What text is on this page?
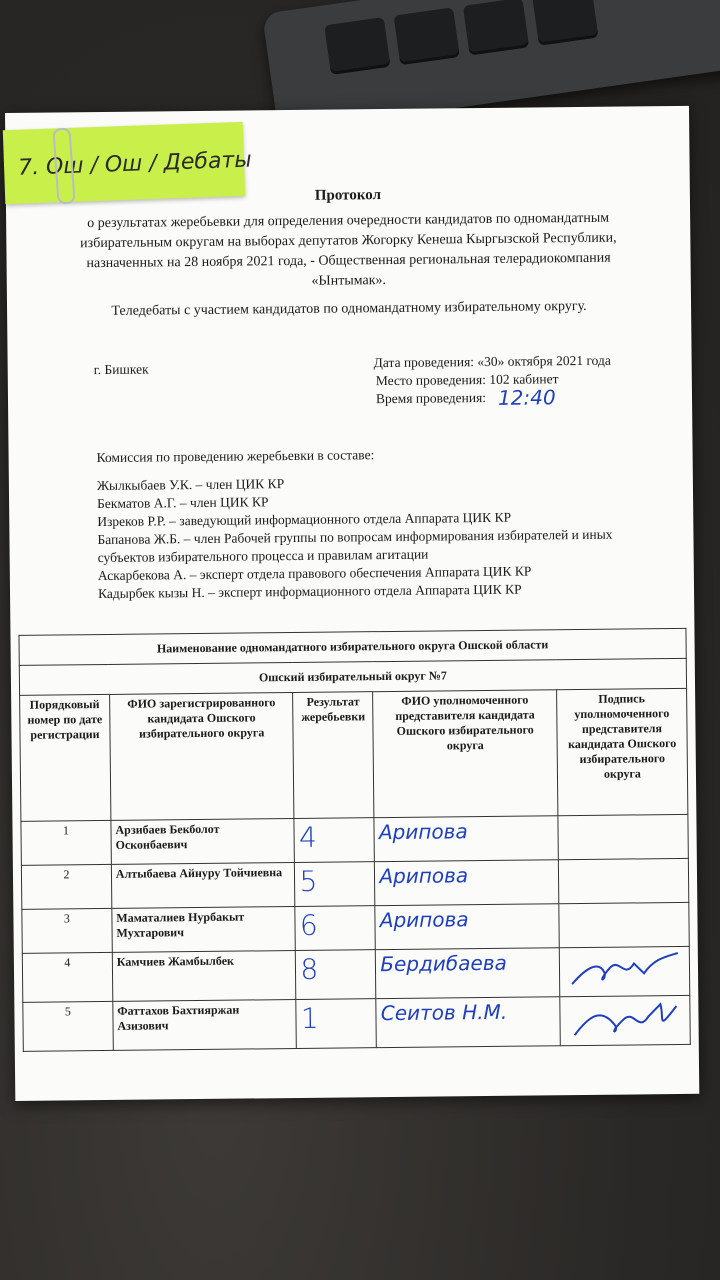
Протокол
о результатах жеребьевки для определения очередности кандидатов по одномандатным
избирательным округам на выборах депутатов Жогорку Кенеша Кыргызской Республики,
назначенных на 28 ноября 2021 года, - Общественная региональная телерадиокомпания
«Ынтымак».
Теледебаты с участием кандидатов по одномандатному избирательному округу.
г. Бишкек	Дата проведения: «30» октября 2021 года
Место проведения: 102 кабинет
Время проведения: 12:40
Комиссия по проведению жеребьевки в составе:
Жылкыбаев У.К. – член ЦИК КР
Бекматов А.Г. – член ЦИК КР
Изреков Р.Р. – заведующий информационного отдела Аппарата ЦИК КР
Бапанова Ж.Б. – член Рабочей группы по вопросам информирования избирателей и иных
субъектов избирательного процесса и правилам агитации
Аскарбекова А. – эксперт отдела правового обеспечения Аппарата ЦИК КР
Кадырбек кызы Н. – эксперт информационного отдела Аппарата ЦИК КР
Наименование одномандатного избирательного округа Ошской области				
Ошский избирательный округ №7				
Порядковый номер по дате регистрации	ФИО зарегистрированного кандидата Ошского избирательного округа	Результат жеребьевки	ФИО уполномоченного представителя кандидата Ошского избирательного округа	Подпись уполномоченного представителя кандидата Ошского избирательного округа
1	Арзибаев Бекболот Осконбаевич	4	Арипова	
2	Алтыбаева Айнуру Тойчиевна	5	Арипова	
3	Маматалиев Нурбакыт Мухтарович	6	Арипова	
4	Камчиев Жамбылбек	8	Бердибаева	
5	Фаттахов Бахтияржан Азизович	1	Сеитов Н.М.	
7. Ош / Ош / Дебаты
